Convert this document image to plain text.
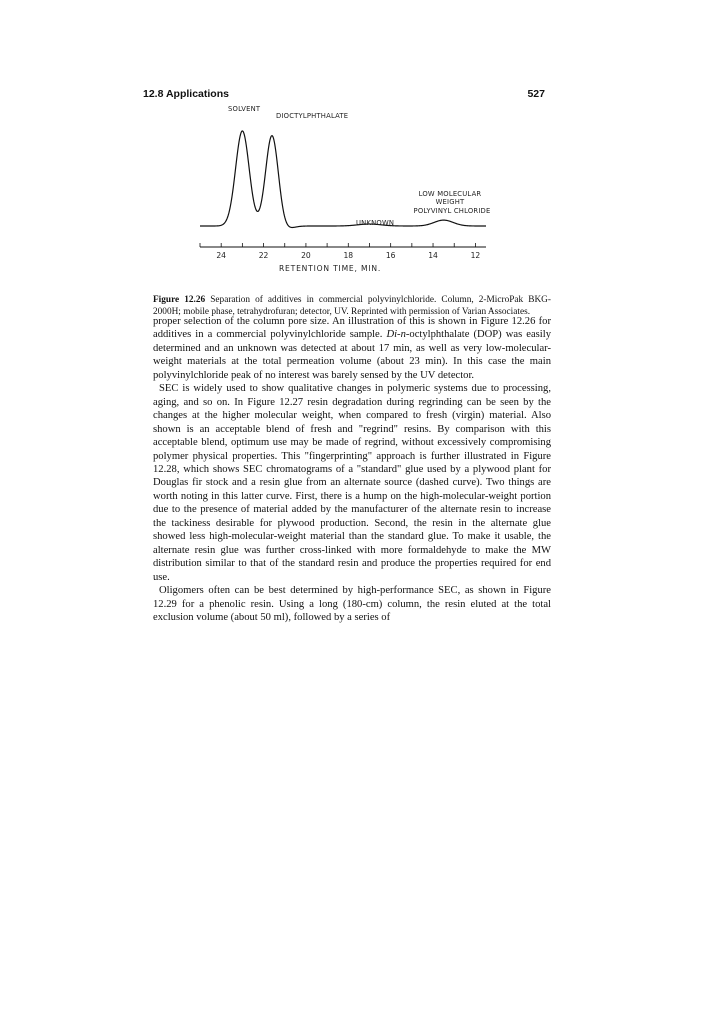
12.8 Applications	527
24	22	20	18	16	14	12
SOLVENT
DIOCTYLPHTHALATE
UNKNOWN
LOW MOLECULAR
WEIGHT
POLYVINYL CHLORIDE
RETENTION TIME, MIN.

Figure 12.26 Separation of additives in commercial polyvinylchloride. Column, 2-MicroPak BKG-2000H; mobile phase, tetrahydrofuran; detector, UV. Reprinted with permission of Varian Associates.

proper selection of the column pore size. An illustration of this is shown in Figure 12.26 for additives in a commercial polyvinylchloride sample. Di-n-octylphthalate (DOP) was easily determined and an unknown was detected at about 17 min, as well as very low-molecular-weight materials at the total permeation volume (about 23 min). In this case the main polyvinylchloride peak of no interest was barely sensed by the UV detector.

SEC is widely used to show qualitative changes in polymeric systems due to processing, aging, and so on. In Figure 12.27 resin degradation during regrinding can be seen by the changes at the higher molecular weight, when compared to fresh (virgin) material. Also shown is an acceptable blend of fresh and "regrind" resins. By comparison with this acceptable blend, optimum use may be made of regrind, without excessively compromising polymer physical properties. This "fingerprinting" approach is further illustrated in Figure 12.28, which shows SEC chromatograms of a "standard" glue used by a plywood plant for Douglas fir stock and a resin glue from an alternate source (dashed curve). Two things are worth noting in this latter curve. First, there is a hump on the high-molecular-weight portion due to the presence of material added by the manufacturer of the alternate resin to increase the tackiness desirable for plywood production. Second, the resin in the alternate glue showed less high-molecular-weight material than the standard glue. To make it usable, the alternate resin glue was further cross-linked with more formaldehyde to make the MW distribution similar to that of the standard resin and produce the properties required for end use.

Oligomers often can be best determined by high-performance SEC, as shown in Figure 12.29 for a phenolic resin. Using a long (180-cm) column, the resin eluted at the total exclusion volume (about 50 ml), followed by a series of
